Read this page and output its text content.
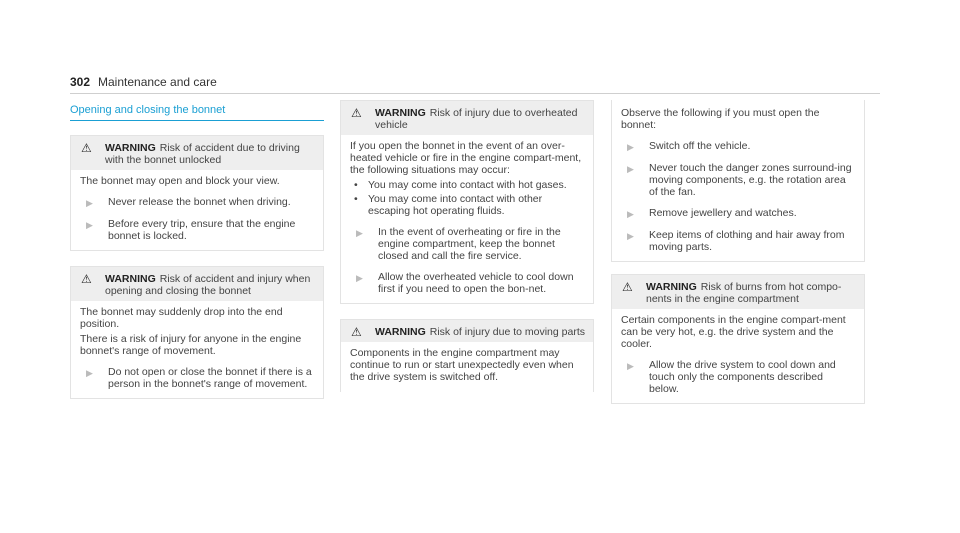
302 Maintenance and care
Opening and closing the bonnet
⚠	WARNING Risk of accident due to driving with the bonnet unlocked

The bonnet may open and block your view.

▶	Never release the bonnet when driving.
▶	Before every trip, ensure that the engine bonnet is locked.
⚠	WARNING Risk of accident and injury when opening and closing the bonnet

The bonnet may suddenly drop into the end position.

There is a risk of injury for anyone in the engine bonnet's range of movement.

▶	Do not open or close the bonnet if there is a person in the bonnet's range of movement.
⚠	WARNING Risk of injury due to overheated vehicle

If you open the bonnet in the event of an over-heated vehicle or fire in the engine compart-ment, the following situations may occur:

• You may come into contact with hot gases.
• You may come into contact with other escaping hot operating fluids.
▶	In the event of overheating or fire in the engine compartment, keep the bonnet closed and call the fire service.
▶	Allow the overheated vehicle to cool down first if you need to open the bon-net.
⚠	WARNING Risk of injury due to moving parts

Components in the engine compartment may continue to run or start unexpectedly even when the drive system is switched off.

Observe the following if you must open the bonnet:

▶	Switch off the vehicle.
▶	Never touch the danger zones surround-ing moving components, e.g. the rotation area of the fan.
▶	Remove jewellery and watches.
▶	Keep items of clothing and hair away from moving parts.
⚠	WARNING Risk of burns from hot compo-nents in the engine compartment

Certain components in the engine compart-ment can be very hot, e.g. the drive system and the cooler.

▶	Allow the drive system to cool down and touch only the components described below.
